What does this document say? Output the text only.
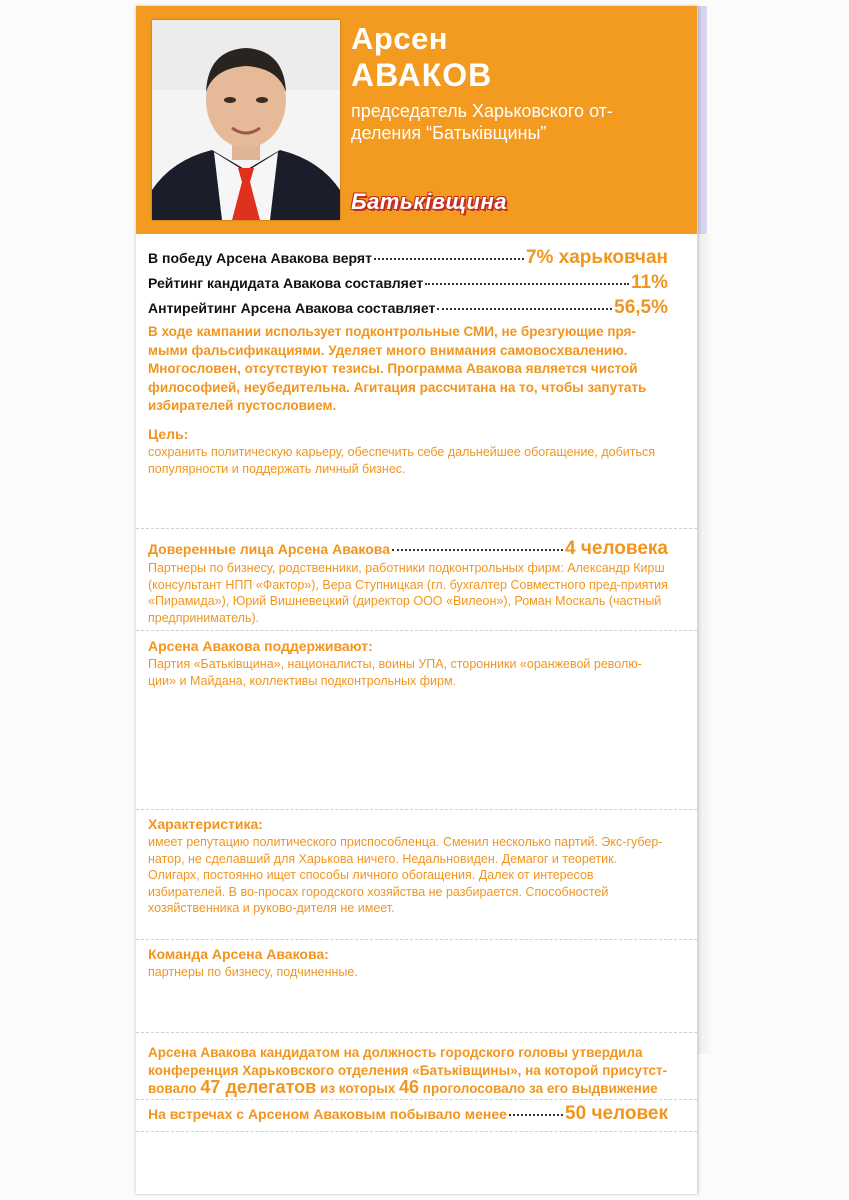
Арсен
АВАКОВ
председатель Харьковского от-деления “Батьківщины”
Батьківщина
В победу Арсена Авакова верят	7% харьковчан
Рейтинг кандидата Авакова составляет	11%
Антирейтинг Арсена Авакова составляет	56,5%
В ходе кампании использует подконтрольные СМИ, не брезгующие пря-мыми фальсификациями. Уделяет много внимания самовосхвалению. Многословен, отсутствуют тезисы. Программа Авакова является чистой философией, неубедительна. Агитация рассчитана на то, чтобы запутать избирателей пустословием.
Цель:
сохранить политическую карьеру, обеспечить себе дальнейшее обогащение, добиться популярности и поддержать личный бизнес.
Доверенные лица Арсена Авакова	4 человека
Партнеры по бизнесу, родственники, работники подконтрольных фирм: Александр Кирш (консультант НПП «Фактор»), Вера Ступницкая (гл. бухгалтер Совместного пред-приятия «Пирамида»), Юрий Вишневецкий (директор ООО «Вилеон»), Роман Москаль (частный предприниматель).
Арсена Авакова поддерживают:
Партия «Батьківщина», националисты, воины УПА, сторонники «оранжевой револю-ции» и Майдана, коллективы подконтрольных фирм.
Характеристика:
имеет репутацию политического приспособленца. Сменил несколько партий. Экс-губер-натор, не сделавший для Харькова ничего. Недальновиден. Демагог и теоретик. Олигарх, постоянно ищет способы личного обогащения. Далек от интересов избирателей. В во-просах городского хозяйства не разбирается. Способностей хозяйственника и руково-дителя не имеет.
Команда Арсена Авакова:
партнеры по бизнесу, подчиненные.
Арсена Авакова кандидатом на должность городского головы утвердила конференция Харьковского отделения «Батьківщины», на которой присутст-вовало 47 делегатов из которых 46 проголосовало за его выдвижение
На встречах с Арсеном Аваковым побывало менее	50 человек
